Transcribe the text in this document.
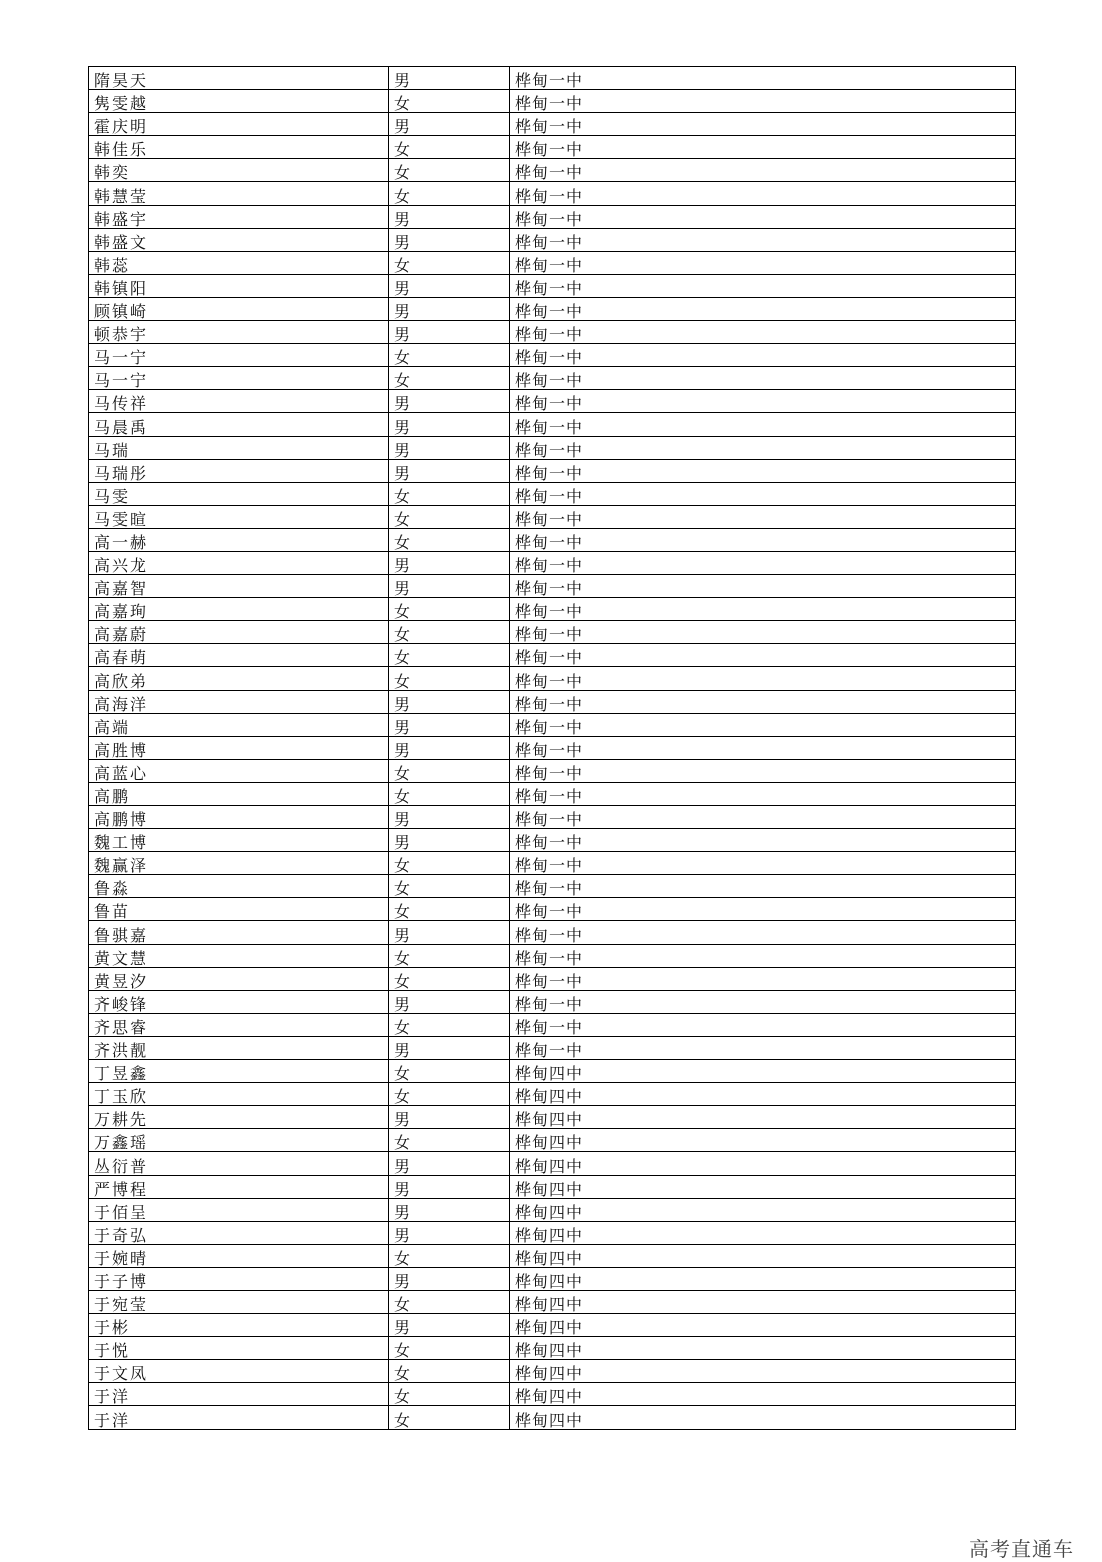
隋昊天	男	桦甸一中
隽雯越	女	桦甸一中
霍庆明	男	桦甸一中
韩佳乐	女	桦甸一中
韩奕	女	桦甸一中
韩慧莹	女	桦甸一中
韩盛宇	男	桦甸一中
韩盛文	男	桦甸一中
韩蕊	女	桦甸一中
韩镇阳	男	桦甸一中
顾镇崎	男	桦甸一中
顿恭宇	男	桦甸一中
马一宁	女	桦甸一中
马一宁	女	桦甸一中
马传祥	男	桦甸一中
马晨禹	男	桦甸一中
马瑞	男	桦甸一中
马瑞彤	男	桦甸一中
马雯	女	桦甸一中
马雯暄	女	桦甸一中
高一赫	女	桦甸一中
高兴龙	男	桦甸一中
高嘉智	男	桦甸一中
高嘉珣	女	桦甸一中
高嘉蔚	女	桦甸一中
高春萌	女	桦甸一中
高欣弟	女	桦甸一中
高海洋	男	桦甸一中
高端	男	桦甸一中
高胜博	男	桦甸一中
高蓝心	女	桦甸一中
高鹏	女	桦甸一中
高鹏博	男	桦甸一中
魏工博	男	桦甸一中
魏赢泽	女	桦甸一中
鲁淼	女	桦甸一中
鲁苗	女	桦甸一中
鲁骐嘉	男	桦甸一中
黄文慧	女	桦甸一中
黄昱汐	女	桦甸一中
齐峻锋	男	桦甸一中
齐思睿	女	桦甸一中
齐洪靓	男	桦甸一中
丁昱鑫	女	桦甸四中
丁玉欣	女	桦甸四中
万耕先	男	桦甸四中
万鑫瑶	女	桦甸四中
丛衍普	男	桦甸四中
严博程	男	桦甸四中
于佰呈	男	桦甸四中
于奇弘	男	桦甸四中
于婉晴	女	桦甸四中
于子博	男	桦甸四中
于宛莹	女	桦甸四中
于彬	男	桦甸四中
于悦	女	桦甸四中
于文凤	女	桦甸四中
于洋	女	桦甸四中
于洋	女	桦甸四中
高考直通车
